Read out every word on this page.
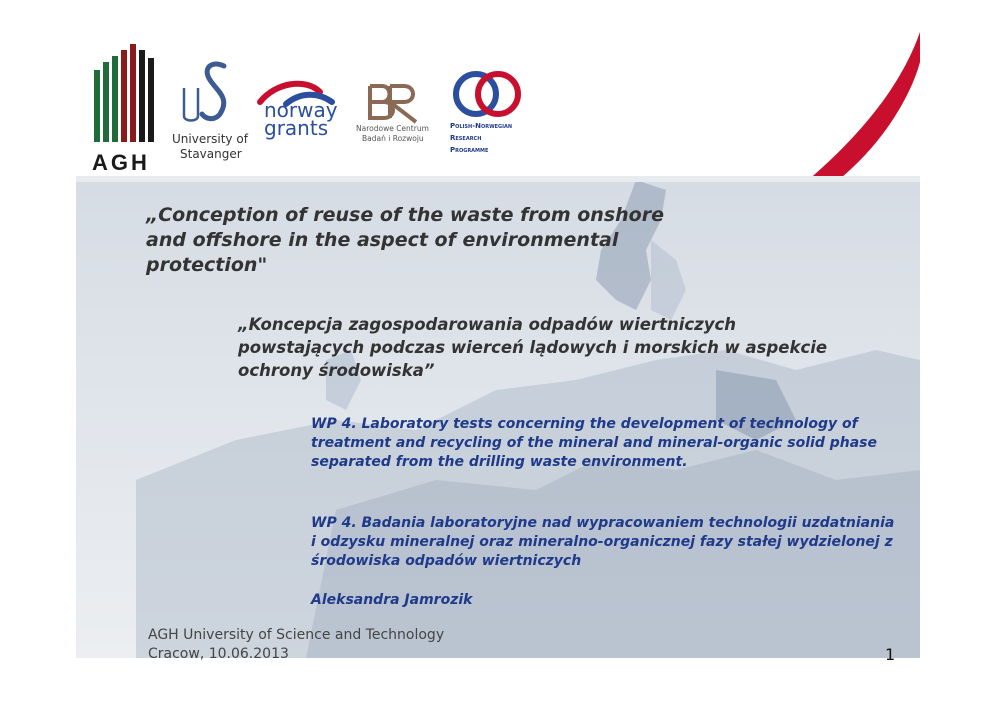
AGH
University of
Stavanger
norway
grants	Narodowe Centrum
Badań i Rozwoju
Polish-Norwegian
Research
Programme

„Conception of reuse of the waste from onshore and offshore in the aspect of environmental protection"

„Koncepcja zagospodarowania odpadów wiertniczych powstających podczas wierceń lądowych i morskich w aspekcie ochrony środowiska”

WP 4. Laboratory tests concerning the development of technology of treatment and recycling of the mineral and mineral-organic solid phase separated from the drilling waste environment.

WP 4. Badania laboratoryjne nad wypracowaniem technologii uzdatniania i odzysku mineralnej oraz mineralno-organicznej fazy stałej wydzielonej z środowiska odpadów wiertniczych

Aleksandra Jamrozik

AGH University of Science and Technology
Cracow, 10.06.2013	1
